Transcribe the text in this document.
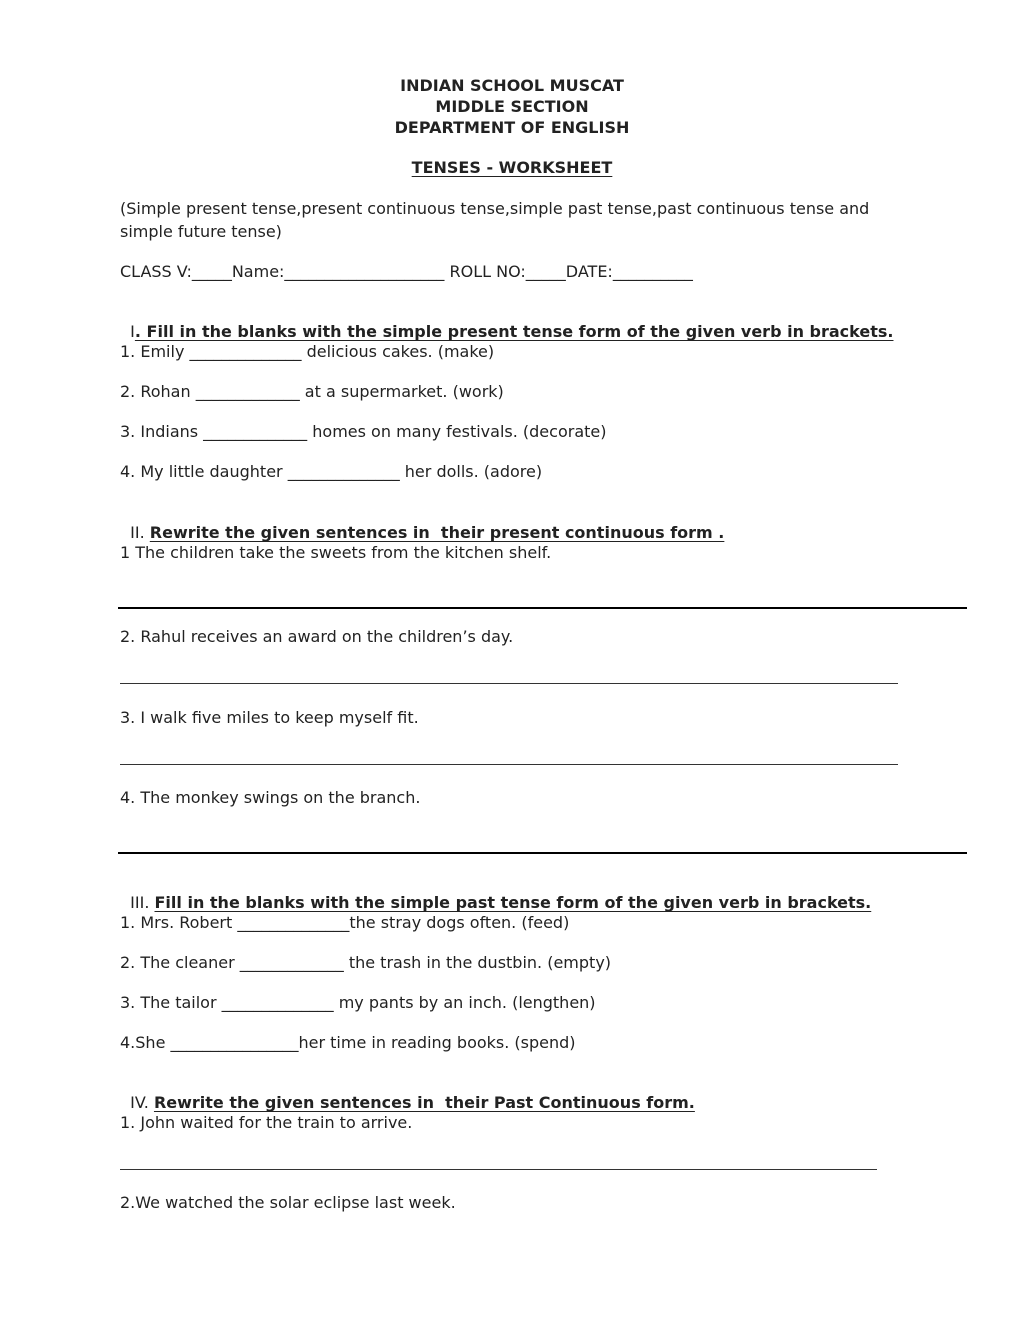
INDIAN SCHOOL MUSCAT
MIDDLE SECTION
DEPARTMENT OF ENGLISH
TENSES - WORKSHEET
(Simple present tense,present continuous tense,simple past tense,past continuous tense and
simple future tense)
CLASS V:_____Name:____________________ ROLL NO:_____DATE:__________

I. Fill in the blanks with the simple present tense form of the given verb in brackets.

1. Emily ______________ delicious cakes. (make)
2. Rohan _____________ at a supermarket. (work)
3. Indians _____________ homes on many festivals. (decorate)
4. My little daughter ______________ her dolls. (adore)

II. Rewrite the given sentences in  their present continuous form .

1 The children take the sweets from the kitchen shelf.
2. Rahul receives an award on the children’s day.
3. I walk five miles to keep myself fit.
4. The monkey swings on the branch.

III. Fill in the blanks with the simple past tense form of the given verb in brackets.

1. Mrs. Robert ______________the stray dogs often. (feed)
2. The cleaner _____________ the trash in the dustbin. (empty)
3. The tailor ______________ my pants by an inch. (lengthen)
4.She ________________her time in reading books. (spend)

IV. Rewrite the given sentences in  their Past Continuous form.

1. John waited for the train to arrive.
2.We watched the solar eclipse last week.
